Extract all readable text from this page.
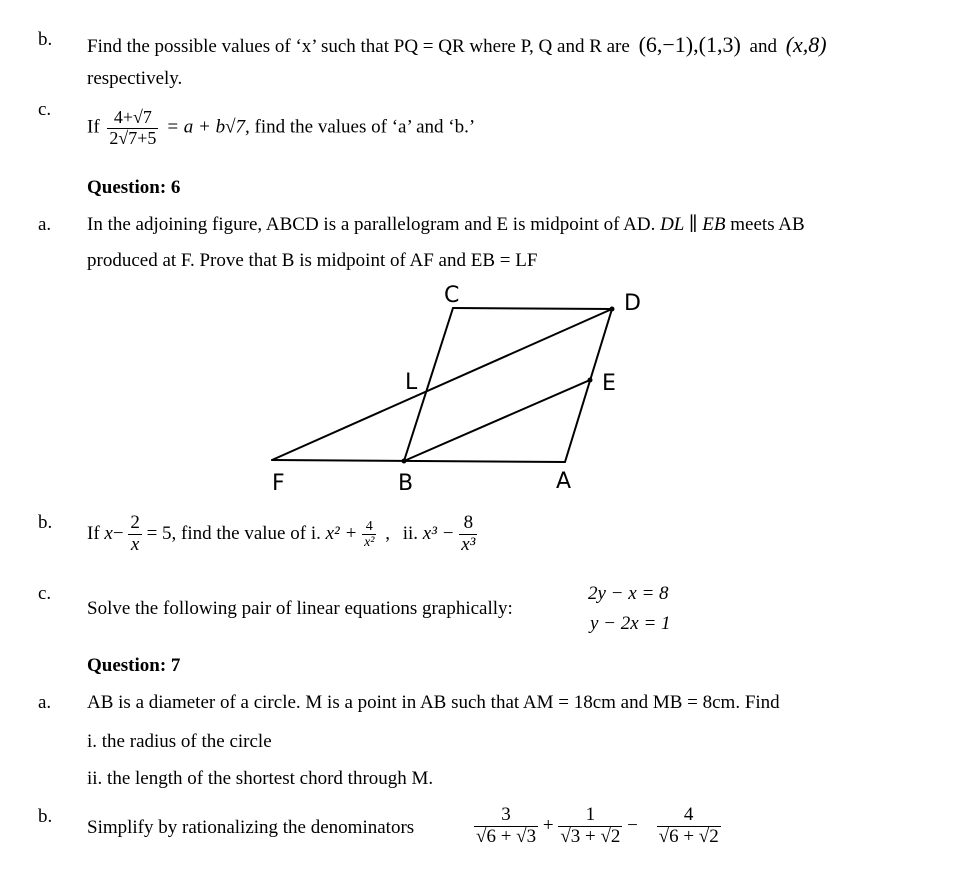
b. Find the possible values of ‘x’ such that PQ = QR where P, Q and R are (6,−1),(1,3) and (x,8)
respectively.
c.
If $\frac{4+√7}{2√7+5} = a + b√7$, find the values of ‘a’ and ‘b.’
Question: 6
a. In the adjoining figure, ABCD is a parallelogram and E is midpoint of AD. DL ∥ EB meets AB
produced at F. Prove that B is midpoint of AF and EB = LF
C	D
L	E
F	B	A
b.
If $x- \frac{2}{x} = 5$, find the value of i. $x^2 + \frac{4}{\text{x²}}$ , ii. $x^3 - \frac{8}{\text{x³}}$
c.
Solve the following pair of linear equations graphically:
2y − x = 8
y − 2x = 1
Question: 7
a. AB is a diameter of a circle. M is a point in AB such that AM = 18cm and MB = 8cm. Find
i. the radius of the circle
ii. the length of the shortest chord through M.
b.
Simplify by rationalizing the denominators	$\frac{3}{√6 + √3} + \frac{1}{√3 + √2} - \frac{4}{√6 + √2}$
